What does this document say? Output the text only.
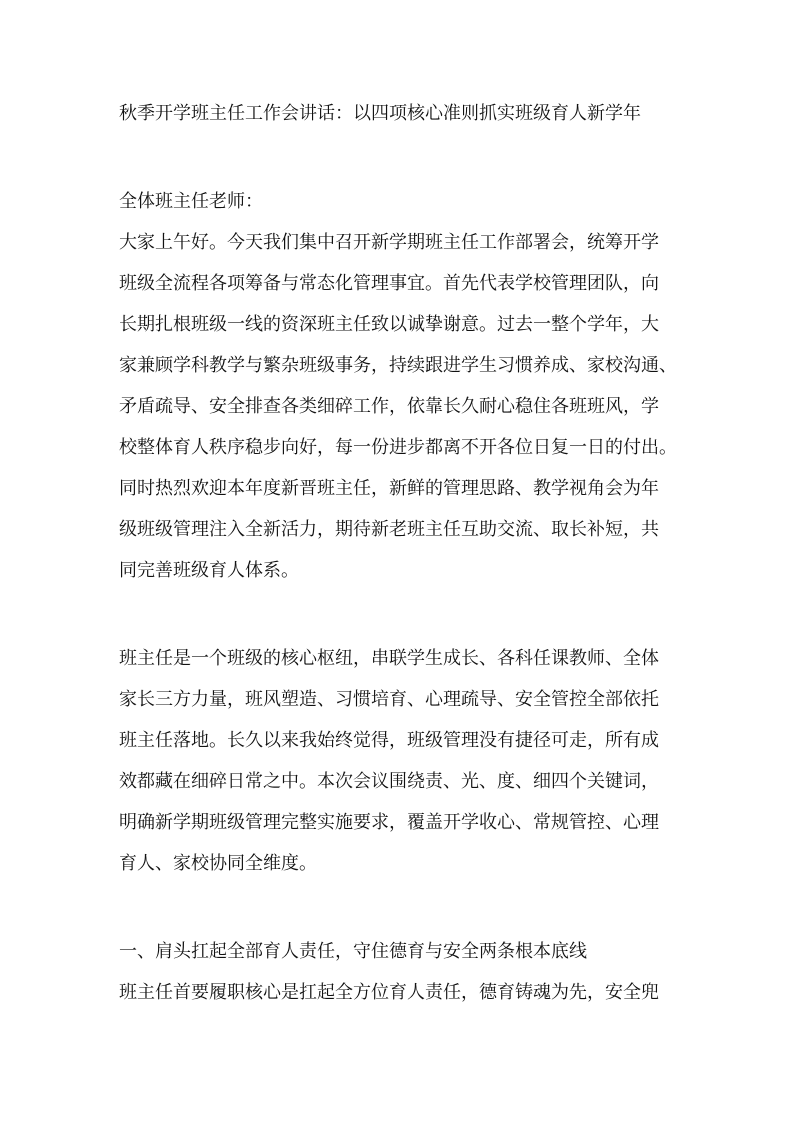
秋季开学班主任工作会讲话：以四项核心准则抓实班级育人新学年
全体班主任老师：
大家上午好。今天我们集中召开新学期班主任工作部署会，统筹开学
班级全流程各项筹备与常态化管理事宜。首先代表学校管理团队，向
长期扎根班级一线的资深班主任致以诚挚谢意。过去一整个学年，大
家兼顾学科教学与繁杂班级事务，持续跟进学生习惯养成、家校沟通、
矛盾疏导、安全排查各类细碎工作，依靠长久耐心稳住各班班风，学
校整体育人秩序稳步向好，每一份进步都离不开各位日复一日的付出。
同时热烈欢迎本年度新晋班主任，新鲜的管理思路、教学视角会为年
级班级管理注入全新活力，期待新老班主任互助交流、取长补短，共
同完善班级育人体系。
班主任是一个班级的核心枢纽，串联学生成长、各科任课教师、全体
家长三方力量，班风塑造、习惯培育、心理疏导、安全管控全部依托
班主任落地。长久以来我始终觉得，班级管理没有捷径可走，所有成
效都藏在细碎日常之中。本次会议围绕责、光、度、细四个关键词，
明确新学期班级管理完整实施要求，覆盖开学收心、常规管控、心理
育人、家校协同全维度。
一、肩头扛起全部育人责任，守住德育与安全两条根本底线
班主任首要履职核心是扛起全方位育人责任，德育铸魂为先，安全兜
